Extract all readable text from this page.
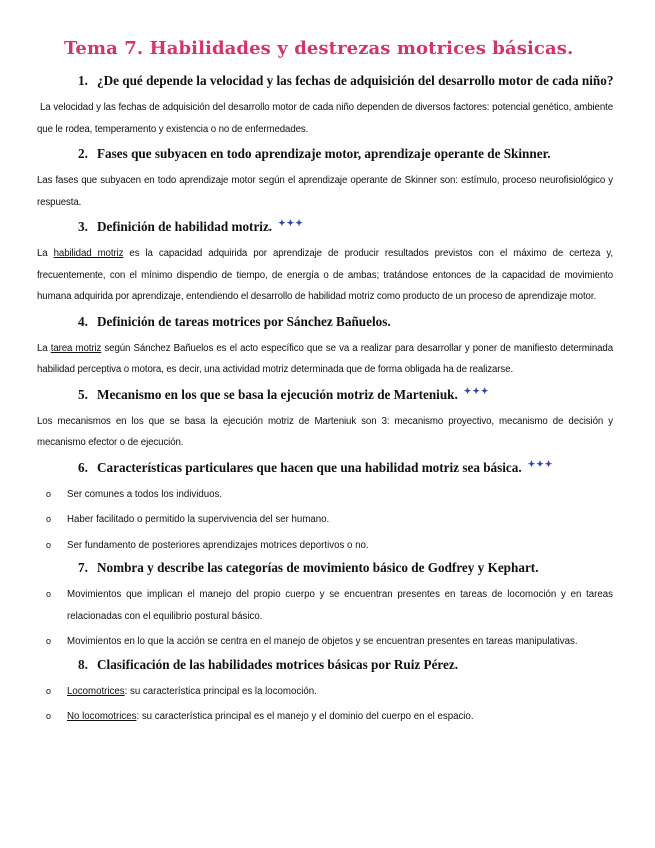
Tema 7. Habilidades y destrezas motrices básicas.
1. ¿De qué depende la velocidad y las fechas de adquisición del desarrollo motor de cada niño?

La velocidad y las fechas de adquisición del desarrollo motor de cada niño dependen de diversos factores: potencial genético, ambiente que le rodea, temperamento y existencia o no de enfermedades.

2. Fases que subyacen en todo aprendizaje motor, aprendizaje operante de Skinner.

Las fases que subyacen en todo aprendizaje motor según el aprendizaje operante de Skinner son: estímulo, proceso neurofisiológico y respuesta.

3. Definición de habilidad motriz. ✦✦✦

La habilidad motriz es la capacidad adquirida por aprendizaje de producir resultados previstos con el máximo de certeza y, frecuentemente, con el mínimo dispendio de tiempo, de energía o de ambas; tratándose entonces de la capacidad de movimiento humana adquirida por aprendizaje, entendiendo el desarrollo de habilidad motriz como producto de un proceso de aprendizaje motor.

4. Definición de tareas motrices por Sánchez Bañuelos.

La tarea motriz según Sánchez Bañuelos es el acto específico que se va a realizar para desarrollar y poner de manifiesto determinada habilidad perceptiva o motora, es decir, una actividad motriz determinada que de forma obligada ha de realizarse.

5. Mecanismo en los que se basa la ejecución motriz de Marteniuk. ✦✦✦

Los mecanismos en los que se basa la ejecución motriz de Marteniuk son 3: mecanismo proyectivo, mecanismo de decisión y mecanismo efector o de ejecución.

6. Características particulares que hacen que una habilidad motriz sea básica. ✦✦✦
o	Ser comunes a todos los individuos.
o	Haber facilitado o permitido la supervivencia del ser humano.
o	Ser fundamento de posteriores aprendizajes motrices deportivos o no.
7. Nombra y describe las categorías de movimiento básico de Godfrey y Kephart.
o	Movimientos que implican el manejo del propio cuerpo y se encuentran presentes en tareas de locomoción y en tareas relacionadas con el equilibrio postural básico.
o	Movimientos en lo que la acción se centra en el manejo de objetos y se encuentran presentes en tareas manipulativas.
8. Clasificación de las habilidades motrices básicas por Ruiz Pérez.
o	Locomotrices: su característica principal es la locomoción.
o	No locomotrices: su característica principal es el manejo y el dominio del cuerpo en el espacio.
